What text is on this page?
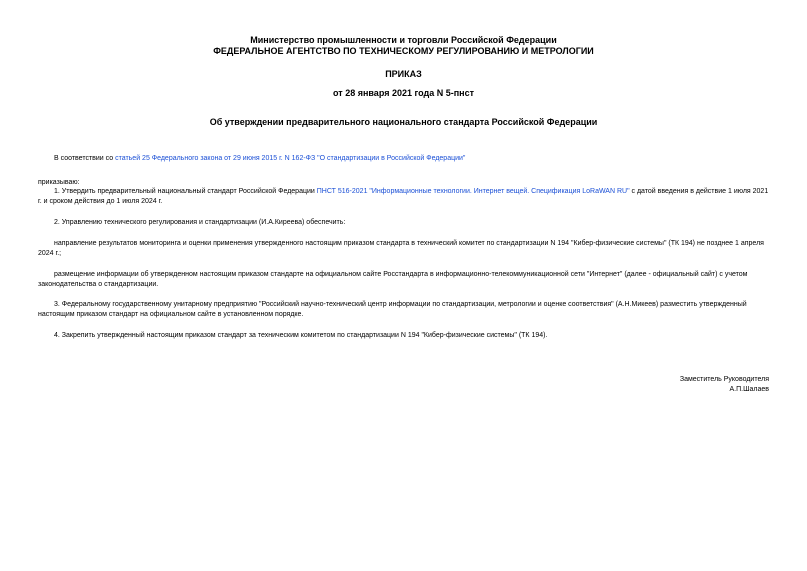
Министерство промышленности и торговли Российской Федерации
ФЕДЕРАЛЬНОЕ АГЕНТСТВО ПО ТЕХНИЧЕСКОМУ РЕГУЛИРОВАНИЮ И МЕТРОЛОГИИ
ПРИКАЗ
от 28 января 2021 года N 5-пнст
Об утверждении предварительного национального стандарта Российской Федерации
В соответствии со статьей 25 Федерального закона от 29 июня 2015 г. N 162-ФЗ "О стандартизации в Российской Федерации"
приказываю:
1. Утвердить предварительный национальный стандарт Российской Федерации ПНСТ 516-2021 "Информационные технологии. Интернет вещей. Спецификация LoRaWAN RU" с датой введения в действие 1 июля 2021 г. и сроком действия до 1 июля 2024 г.
2. Управлению технического регулирования и стандартизации (И.А.Киреева) обеспечить:
направление результатов мониторинга и оценки применения утвержденного настоящим приказом стандарта в технический комитет по стандартизации N 194 "Кибер-физические системы" (ТК 194) не позднее 1 апреля 2024 г.;
размещение информации об утвержденном настоящим приказом стандарте на официальном сайте Росстандарта в информационно-телекоммуникационной сети "Интернет" (далее - официальный сайт) с учетом законодательства о стандартизации.
3. Федеральному государственному унитарному предприятию "Российский научно-технический центр информации по стандартизации, метрологии и оценке соответствия" (А.Н.Микеев) разместить утвержденный настоящим приказом стандарт на официальном сайте в установленном порядке.
4. Закрепить утвержденный настоящим приказом стандарт за техническим комитетом по стандартизации N 194 "Кибер-физические системы" (ТК 194).
Заместитель Руководителя
А.П.Шалаев
